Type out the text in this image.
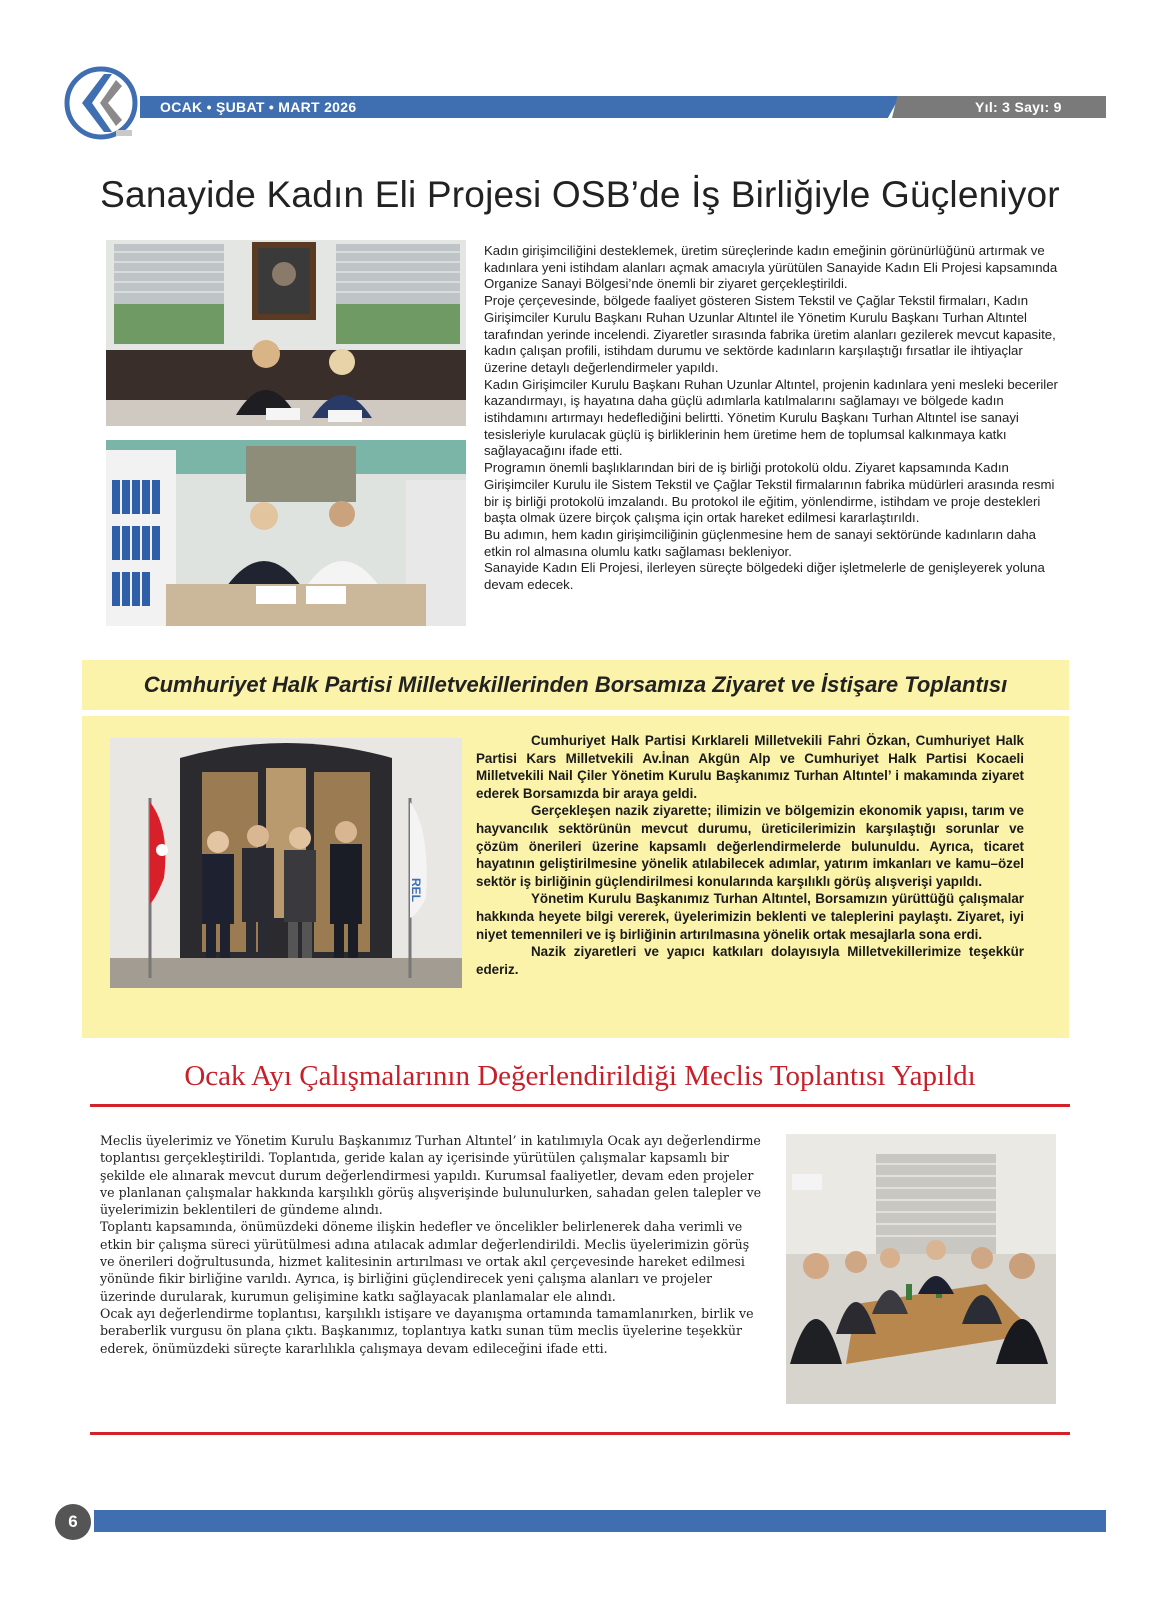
OCAK • ŞUBAT • MART 2026	Yıl: 3 Sayı: 9
Sanayide Kadın Eli Projesi OSB’de İş Birliğiyle Güçleniyor

Kadın girişimciliğini desteklemek, üretim süreçlerinde kadın emeğinin görünürlüğünü artırmak ve kadınlara yeni istihdam alanları açmak amacıyla yürütülen Sanayide Kadın Eli Projesi kapsamında Organize Sanayi Bölgesi’nde önemli bir ziyaret gerçekleştirildi.

Proje çerçevesinde, bölgede faaliyet gösteren Sistem Tekstil ve Çağlar Tekstil firmaları, Kadın Girişimciler Kurulu Başkanı Ruhan Uzunlar Altıntel ile Yönetim Kurulu Başkanı Turhan Altıntel tarafından yerinde incelendi. Ziyaretler sırasında fabrika üretim alanları gezilerek mevcut kapasite, kadın çalışan profili, istihdam durumu ve sektörde kadınların karşılaştığı fırsatlar ile ihtiyaçlar üzerine detaylı değerlendirmeler yapıldı.

Kadın Girişimciler Kurulu Başkanı Ruhan Uzunlar Altıntel, projenin kadınlara yeni mesleki beceriler kazandırmayı, iş hayatına daha güçlü adımlarla katılmalarını sağlamayı ve bölgede kadın istihdamını artırmayı hedeflediğini belirtti. Yönetim Kurulu Başkanı Turhan Altıntel ise sanayi tesisleriyle kurulacak güçlü iş birliklerinin hem üretime hem de toplumsal kalkınmaya katkı sağlayacağını ifade etti.

Programın önemli başlıklarından biri de iş birliği protokolü oldu. Ziyaret kapsamında Kadın Girişimciler Kurulu ile Sistem Tekstil ve Çağlar Tekstil firmalarının fabrika müdürleri arasında resmi bir iş birliği protokolü imzalandı. Bu protokol ile eğitim, yönlendirme, istihdam ve proje destekleri başta olmak üzere birçok çalışma için ortak hareket edilmesi kararlaştırıldı.

Bu adımın, hem kadın girişimciliğinin güçlenmesine hem de sanayi sektöründe kadınların daha etkin rol almasına olumlu katkı sağlaması bekleniyor.

Sanayide Kadın Eli Projesi, ilerleyen süreçte bölgedeki diğer işletmelerle de genişleyerek yoluna devam edecek.

Cumhuriyet Halk Partisi Milletvekillerinden Borsamıza Ziyaret ve İstişare Toplantısı
REL

Cumhuriyet Halk Partisi Kırklareli Milletvekili Fahri Özkan, Cumhuriyet Halk Partisi Kars Milletvekili Av.İnan Akgün Alp ve Cumhuriyet Halk Partisi Kocaeli Milletvekili Nail Çiler Yönetim Kurulu Başkanımız Turhan Altıntel’ i makamında ziyaret ederek Borsamızda bir araya geldi.

Gerçekleşen nazik ziyarette; ilimizin ve bölgemizin ekonomik yapısı, tarım ve hayvancılık sektörünün mevcut durumu, üreticilerimizin karşılaştığı sorunlar ve çözüm önerileri üzerine kapsamlı değerlendirmelerde bulunuldu. Ayrıca, ticaret hayatının geliştirilmesine yönelik atılabilecek adımlar, yatırım imkanları ve kamu–özel sektör iş birliğinin güçlendirilmesi konularında karşılıklı görüş alışverişi yapıldı.

Yönetim Kurulu Başkanımız Turhan Altıntel, Borsamızın yürüttüğü çalışmalar hakkında heyete bilgi vererek, üyelerimizin beklenti ve taleplerini paylaştı. Ziyaret, iyi niyet temennileri ve iş birliğinin artırılmasına yönelik ortak mesajlarla sona erdi.

Nazik ziyaretleri ve yapıcı katkıları dolayısıyla Milletvekillerimize teşekkür ederiz.

Ocak Ayı Çalışmalarının Değerlendirildiği Meclis Toplantısı Yapıldı

Meclis üyelerimiz ve Yönetim Kurulu Başkanımız Turhan Altıntel’ in katılımıyla Ocak ayı değerlendirme toplantısı gerçekleştirildi. Toplantıda, geride kalan ay içerisinde yürütülen çalışmalar kapsamlı bir şekilde ele alınarak mevcut durum değerlendirmesi yapıldı. Kurumsal faaliyetler, devam eden projeler ve planlanan çalışmalar hakkında karşılıklı görüş alışverişinde bulunulurken, sahadan gelen talepler ve üyelerimizin beklentileri de gündeme alındı.

Toplantı kapsamında, önümüzdeki döneme ilişkin hedefler ve öncelikler belirlenerek daha verimli ve etkin bir çalışma süreci yürütülmesi adına atılacak adımlar değerlendirildi. Meclis üyelerimizin görüş ve önerileri doğrultusunda, hizmet kalitesinin artırılması ve ortak akıl çerçevesinde hareket edilmesi yönünde fikir birliğine varıldı. Ayrıca, iş birliğini güçlendirecek yeni çalışma alanları ve projeler üzerinde durularak, kurumun gelişimine katkı sağlayacak planlamalar ele alındı.

Ocak ayı değerlendirme toplantısı, karşılıklı istişare ve dayanışma ortamında tamamlanırken, birlik ve beraberlik vurgusu ön plana çıktı. Başkanımız, toplantıya katkı sunan tüm meclis üyelerine teşekkür ederek, önümüzdeki süreçte kararlılıkla çalışmaya devam edileceğini ifade etti.

6
